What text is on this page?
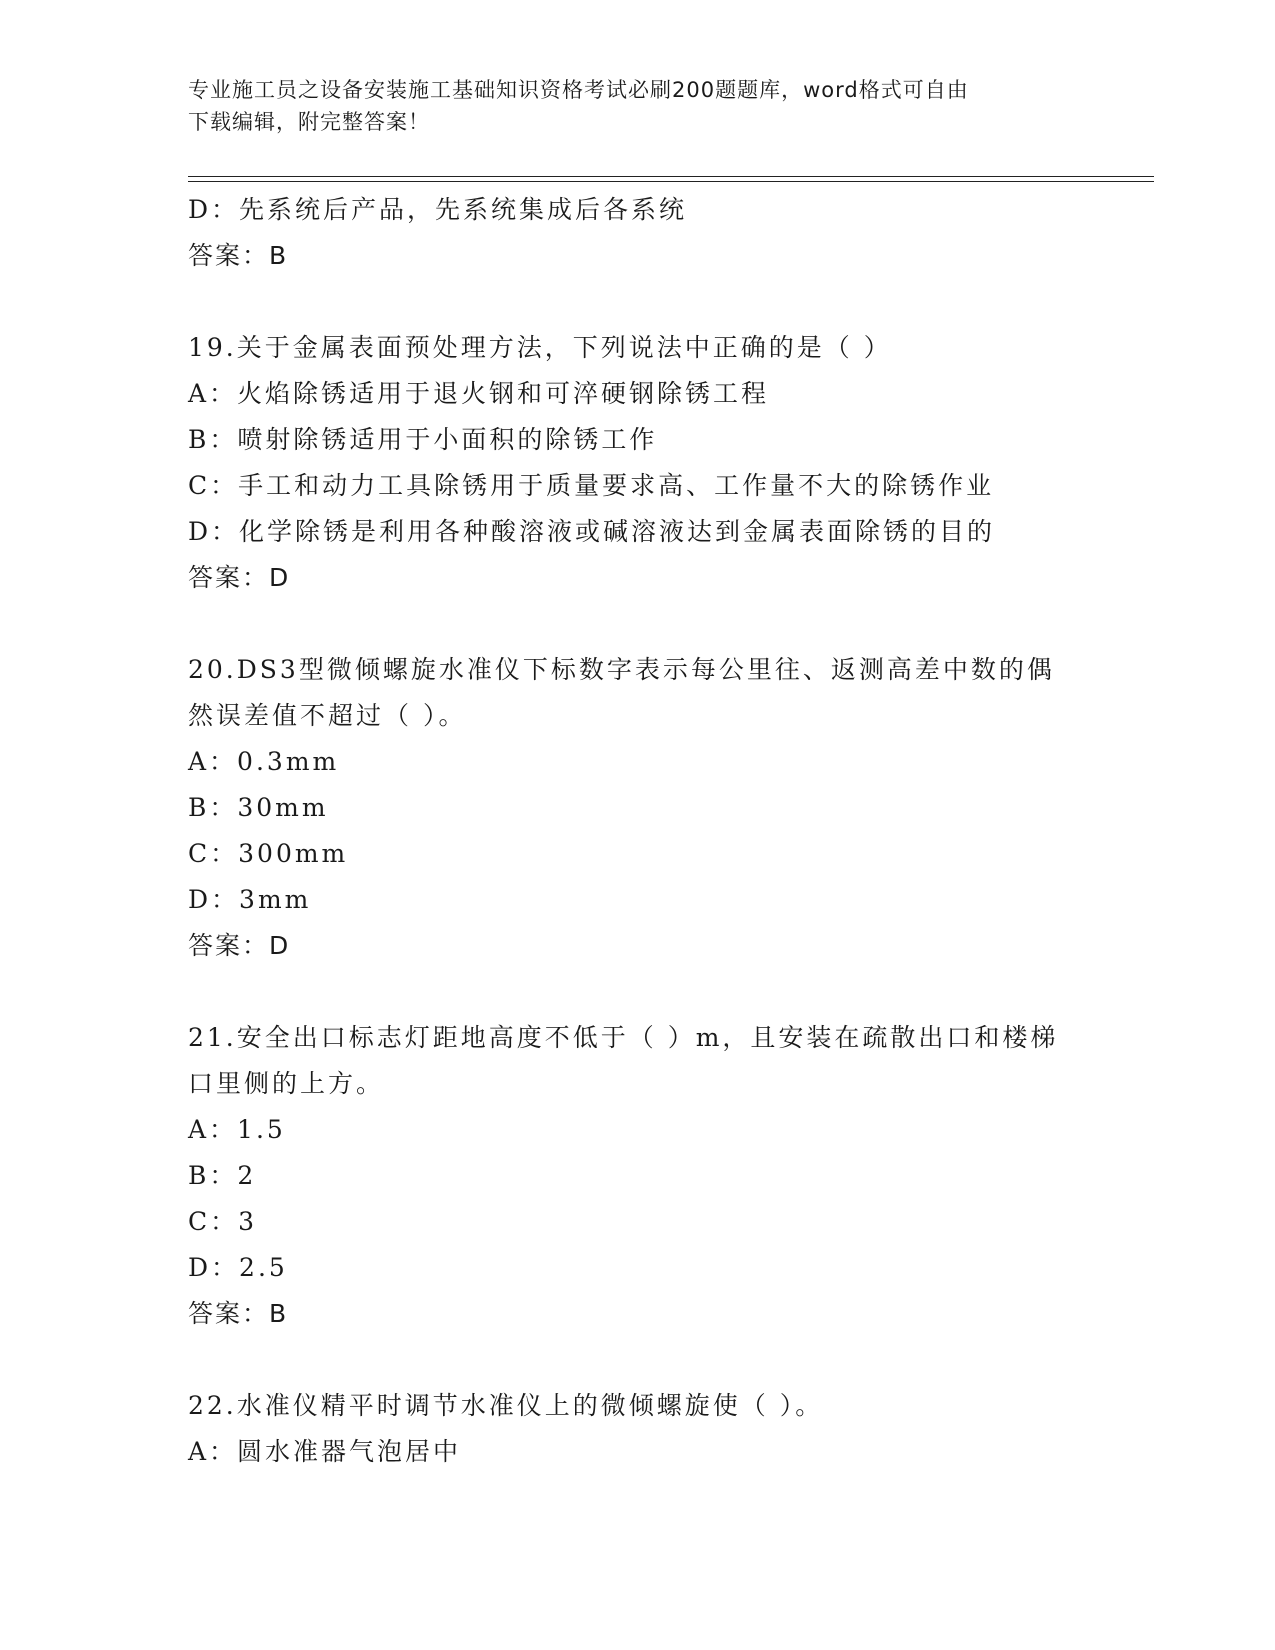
专业施工员之设备安装施工基础知识资格考试必刷200题题库，word格式可自由

下载编辑，附完整答案！

D：先系统后产品，先系统集成后各系统

答案：B

19.关于金属表面预处理方法，下列说法中正确的是（ ）

A：火焰除锈适用于退火钢和可淬硬钢除锈工程

B：喷射除锈适用于小面积的除锈工作

C：手工和动力工具除锈用于质量要求高、工作量不大的除锈作业

D：化学除锈是利用各种酸溶液或碱溶液达到金属表面除锈的目的

答案：D

20.DS3型微倾螺旋水准仪下标数字表示每公里往、返测高差中数的偶

然误差值不超过（ ）。

A：0.3mm

B：30mm

C：300mm

D：3mm

答案：D

21.安全出口标志灯距地高度不低于（ ）m，且安装在疏散出口和楼梯

口里侧的上方。

A：1.5

B：2

C：3

D：2.5

答案：B

22.水准仪精平时调节水准仪上的微倾螺旋使（ ）。

A：圆水准器气泡居中
